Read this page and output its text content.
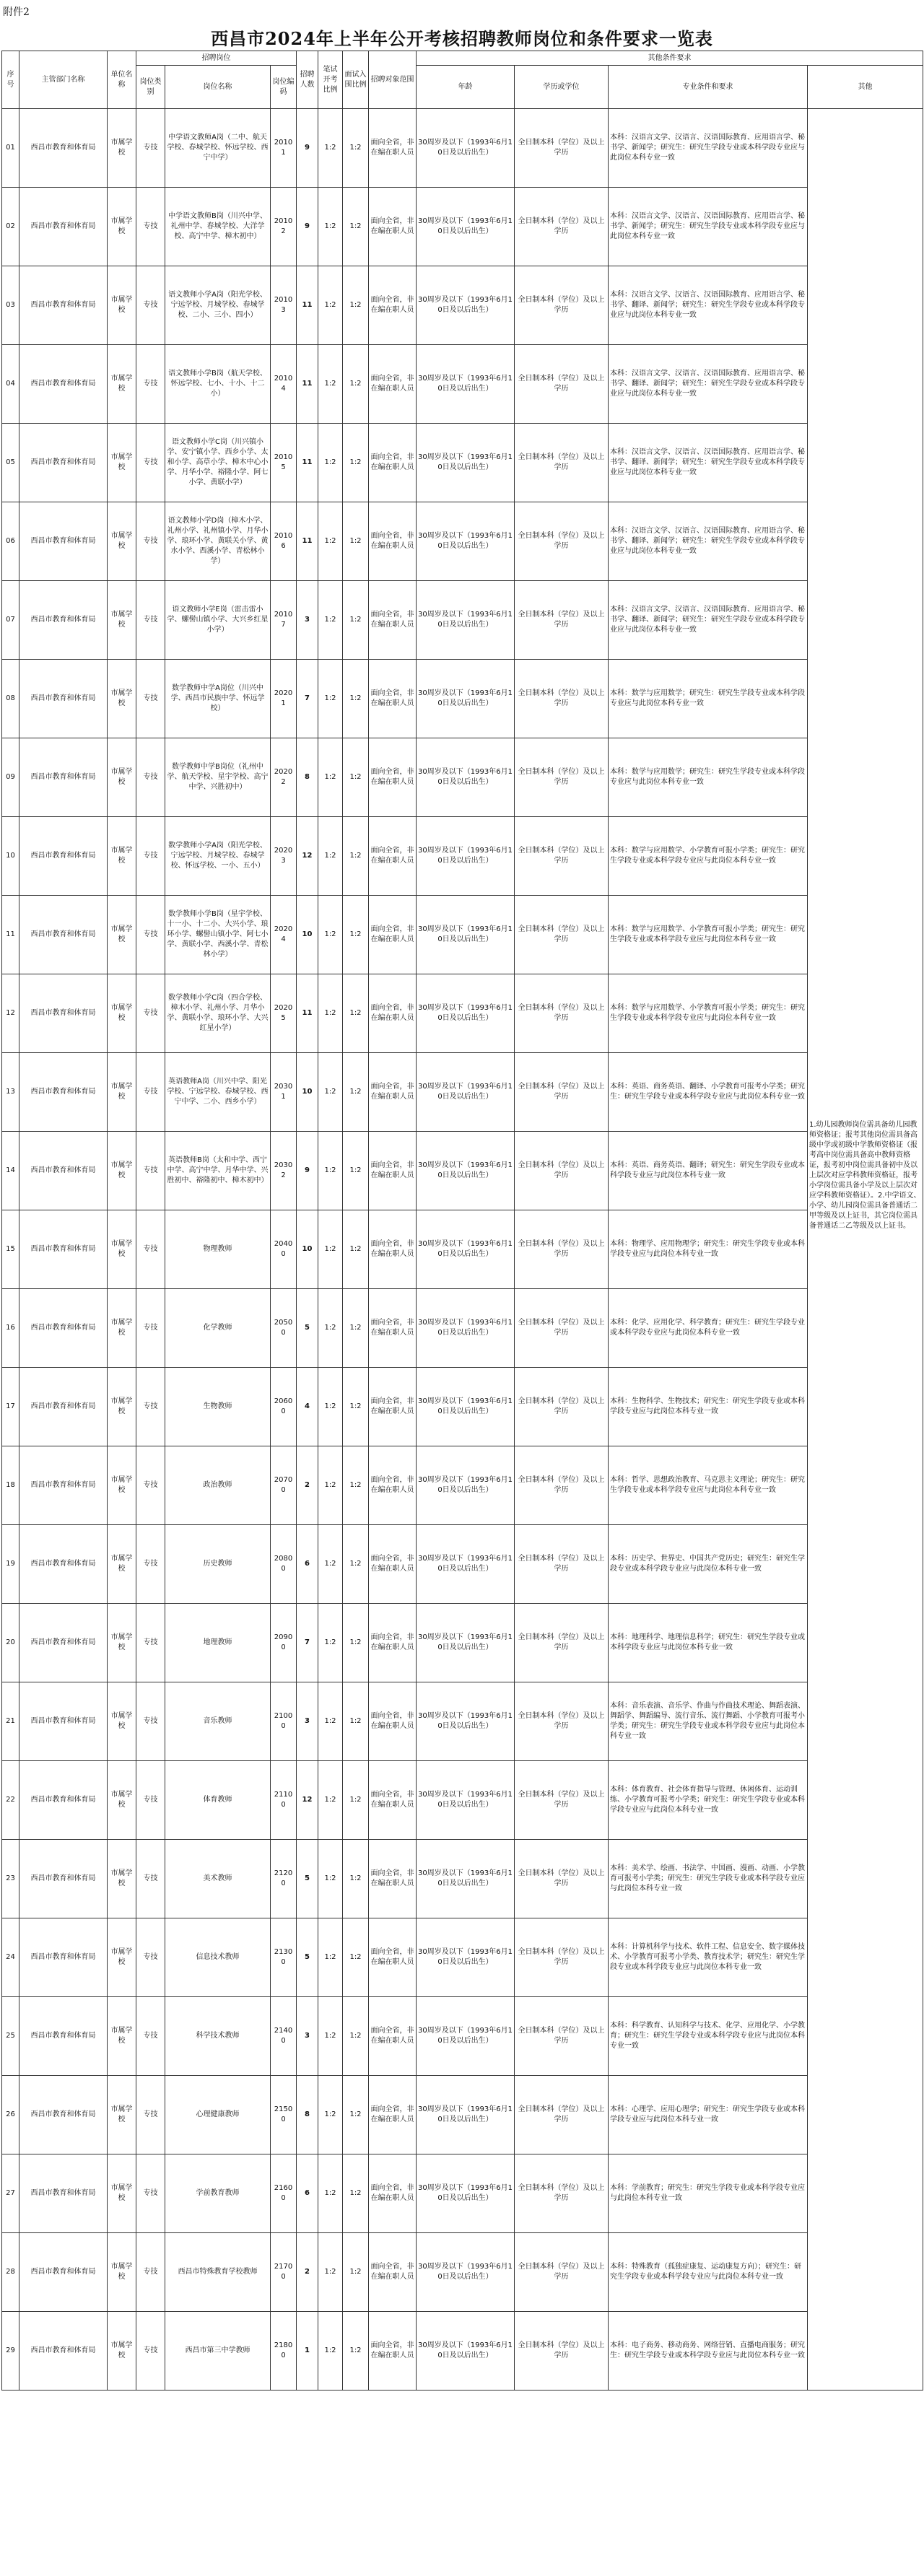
附件2
西昌市2024年上半年公开考核招聘教师岗位和条件要求一览表
序号	主管部门名称	单位名称	招聘岗位			招聘人数	笔试开考比例	面试入围比例	招聘对象范围	其他条件要求			
			岗位类别	岗位名称	岗位编码					年龄	学历或学位	专业条件和要求	其他
01	西昌市教育和体育局	市属学校	专技	中学语文教师A岗（二中、航天学校、春城学校、怀远学校、西宁中学）	20101	9	1:2	1:2	面向全省，非在编在职人员	30周岁及以下（1993年6月10日及以后出生）	全日制本科（学位）及以上学历	本科：汉语言文学、汉语言、汉语国际教育、应用语言学、秘书学、新闻学；研究生：研究生学段专业或本科学段专业应与此岗位本科专业一致	1.幼儿园教师岗位需具备幼儿园教师资格证；报考其他岗位需具备高级中学或初级中学教师资格证（报考高中岗位需具备高中教师资格证，报考初中岗位需具备初中及以上层次对应学科教师资格证，报考小学岗位需具备小学及以上层次对应学科教师资格证）。2.中学语文、小学、幼儿园岗位需具备普通话二甲等级及以上证书，其它岗位需具备普通话二乙等级及以上证书。

02	西昌市教育和体育局	市属学校	专技	中学语文教师B岗（川兴中学、礼州中学、春城学校、大洋学校、高宁中学、樟木初中）	20102	9	1:2	1:2	面向全省，非在编在职人员	30周岁及以下（1993年6月10日及以后出生）	全日制本科（学位）及以上学历	本科：汉语言文学、汉语言、汉语国际教育、应用语言学、秘书学、新闻学；研究生：研究生学段专业或本科学段专业应与此岗位本科专业一致	
03	西昌市教育和体育局	市属学校	专技	语文教师小学A岗（阳光学校、宁远学校、月城学校、春城学校、二小、三小、四小）	20103	11	1:2	1:2	面向全省，非在编在职人员	30周岁及以下（1993年6月10日及以后出生）	全日制本科（学位）及以上学历	本科：汉语言文学、汉语言、汉语国际教育、应用语言学、秘书学、翻译、新闻学；研究生：研究生学段专业或本科学段专业应与此岗位本科专业一致	
04	西昌市教育和体育局	市属学校	专技	语文教师小学B岗（航天学校、怀远学校、七小、十小、十二小）	20104	11	1:2	1:2	面向全省，非在编在职人员	30周岁及以下（1993年6月10日及以后出生）	全日制本科（学位）及以上学历	本科：汉语言文学、汉语言、汉语国际教育、应用语言学、秘书学、翻译、新闻学；研究生：研究生学段专业或本科学段专业应与此岗位本科专业一致	
05	西昌市教育和体育局	市属学校	专技	语文教师小学C岗（川兴镇小学、安宁镇小学、西乡小学、太和小学、高草小学、樟木中心小学、月华小学、裕隆小学、阿七小学、黄联小学）	20105	11	1:2	1:2	面向全省，非在编在职人员	30周岁及以下（1993年6月10日及以后出生）	全日制本科（学位）及以上学历	本科：汉语言文学、汉语言、汉语国际教育、应用语言学、秘书学、翻译、新闻学；研究生：研究生学段专业或本科学段专业应与此岗位本科专业一致	
06	西昌市教育和体育局	市属学校	专技	语文教师小学D岗（樟木小学、礼州小学、礼州镇小学、月华小学、琅环小学、黄联关小学、黄水小学、西溪小学、青松林小学）	20106	11	1:2	1:2	面向全省，非在编在职人员	30周岁及以下（1993年6月10日及以后出生）	全日制本科（学位）及以上学历	本科：汉语言文学、汉语言、汉语国际教育、应用语言学、秘书学、翻译、新闻学；研究生：研究生学段专业或本科学段专业应与此岗位本科专业一致	
07	西昌市教育和体育局	市属学校	专技	语文教师小学E岗（雷击雷小学、螺髻山镇小学、大兴乡红星小学）	20107	3	1:2	1:2	面向全省，非在编在职人员	30周岁及以下（1993年6月10日及以后出生）	全日制本科（学位）及以上学历	本科：汉语言文学、汉语言、汉语国际教育、应用语言学、秘书学、翻译、新闻学；研究生：研究生学段专业或本科学段专业应与此岗位本科专业一致	
08	西昌市教育和体育局	市属学校	专技	数学教师中学A岗位（川兴中学、西昌市民族中学、怀远学校）	20201	7	1:2	1:2	面向全省，非在编在职人员	30周岁及以下（1993年6月10日及以后出生）	全日制本科（学位）及以上学历	本科：数学与应用数学；研究生：研究生学段专业或本科学段专业应与此岗位本科专业一致	
09	西昌市教育和体育局	市属学校	专技	数学教师中学B岗位（礼州中学、航天学校、星宇学校、高宁中学、兴胜初中）	20202	8	1:2	1:2	面向全省，非在编在职人员	30周岁及以下（1993年6月10日及以后出生）	全日制本科（学位）及以上学历	本科：数学与应用数学；研究生：研究生学段专业或本科学段专业应与此岗位本科专业一致	
10	西昌市教育和体育局	市属学校	专技	数学教师小学A岗（阳光学校、宁远学校、月城学校、春城学校、怀远学校、一小、五小）	20203	12	1:2	1:2	面向全省，非在编在职人员	30周岁及以下（1993年6月10日及以后出生）	全日制本科（学位）及以上学历	本科：数学与应用数学、小学教育可报小学类；研究生：研究生学段专业或本科学段专业应与此岗位本科专业一致	
11	西昌市教育和体育局	市属学校	专技	数学教师小学B岗（星宇学校、十一小、十二小、大兴小学、琅环小学、螺髻山镇小学、阿七小学、黄联小学、西溪小学、青松林小学）	20204	10	1:2	1:2	面向全省，非在编在职人员	30周岁及以下（1993年6月10日及以后出生）	全日制本科（学位）及以上学历	本科：数学与应用数学、小学教育可报小学类；研究生：研究生学段专业或本科学段专业应与此岗位本科专业一致	
12	西昌市教育和体育局	市属学校	专技	数学教师小学C岗（四合学校、樟木小学、礼州小学、月华小学、黄联小学、琅环小学、大兴红星小学）	20205	11	1:2	1:2	面向全省，非在编在职人员	30周岁及以下（1993年6月10日及以后出生）	全日制本科（学位）及以上学历	本科：数学与应用数学、小学教育可报小学类；研究生：研究生学段专业或本科学段专业应与此岗位本科专业一致	
13	西昌市教育和体育局	市属学校	专技	英语教师A岗（川兴中学、阳光学校、宁远学校、春城学校、西宁中学、二小、西乡小学）	20301	10	1:2	1:2	面向全省，非在编在职人员	30周岁及以下（1993年6月10日及以后出生）	全日制本科（学位）及以上学历	本科：英语、商务英语、翻译、小学教育可报考小学类；研究生：研究生学段专业或本科学段专业应与此岗位本科专业一致	
14	西昌市教育和体育局	市属学校	专技	英语教师B岗（太和中学、西宁中学、高宁中学、月华中学、兴胜初中、裕隆初中、樟木初中）	20302	9	1:2	1:2	面向全省，非在编在职人员	30周岁及以下（1993年6月10日及以后出生）	全日制本科（学位）及以上学历	本科：英语、商务英语、翻译；研究生：研究生学段专业或本科学段专业应与此岗位本科专业一致	
15	西昌市教育和体育局	市属学校	专技	物理教师	20400	10	1:2	1:2	面向全省，非在编在职人员	30周岁及以下（1993年6月10日及以后出生）	全日制本科（学位）及以上学历	本科：物理学、应用物理学；研究生：研究生学段专业或本科学段专业应与此岗位本科专业一致	
16	西昌市教育和体育局	市属学校	专技	化学教师	20500	5	1:2	1:2	面向全省，非在编在职人员	30周岁及以下（1993年6月10日及以后出生）	全日制本科（学位）及以上学历	本科：化学、应用化学、科学教育；研究生：研究生学段专业或本科学段专业应与此岗位本科专业一致	
17	西昌市教育和体育局	市属学校	专技	生物教师	20600	4	1:2	1:2	面向全省，非在编在职人员	30周岁及以下（1993年6月10日及以后出生）	全日制本科（学位）及以上学历	本科：生物科学、生物技术；研究生：研究生学段专业或本科学段专业应与此岗位本科专业一致	
18	西昌市教育和体育局	市属学校	专技	政治教师	20700	2	1:2	1:2	面向全省，非在编在职人员	30周岁及以下（1993年6月10日及以后出生）	全日制本科（学位）及以上学历	本科：哲学、思想政治教育、马克思主义理论；研究生：研究生学段专业或本科学段专业应与此岗位本科专业一致	
19	西昌市教育和体育局	市属学校	专技	历史教师	20800	6	1:2	1:2	面向全省，非在编在职人员	30周岁及以下（1993年6月10日及以后出生）	全日制本科（学位）及以上学历	本科：历史学、世界史、中国共产党历史；研究生：研究生学段专业或本科学段专业应与此岗位本科专业一致	
20	西昌市教育和体育局	市属学校	专技	地理教师	20900	7	1:2	1:2	面向全省，非在编在职人员	30周岁及以下（1993年6月10日及以后出生）	全日制本科（学位）及以上学历	本科：地理科学、地理信息科学；研究生：研究生学段专业或本科学段专业应与此岗位本科专业一致	
21	西昌市教育和体育局	市属学校	专技	音乐教师	21000	3	1:2	1:2	面向全省，非在编在职人员	30周岁及以下（1993年6月10日及以后出生）	全日制本科（学位）及以上学历	本科：音乐表演、音乐学、作曲与作曲技术理论、舞蹈表演、舞蹈学、舞蹈编导、流行音乐、流行舞蹈、小学教育可报考小学类；研究生：研究生学段专业或本科学段专业应与此岗位本科专业一致	
22	西昌市教育和体育局	市属学校	专技	体育教师	21100	12	1:2	1:2	面向全省，非在编在职人员	30周岁及以下（1993年6月10日及以后出生）	全日制本科（学位）及以上学历	本科：体育教育、社会体育指导与管理、休闲体育、运动训练、小学教育可报考小学类；研究生：研究生学段专业或本科学段专业应与此岗位本科专业一致	
23	西昌市教育和体育局	市属学校	专技	美术教师	21200	5	1:2	1:2	面向全省，非在编在职人员	30周岁及以下（1993年6月10日及以后出生）	全日制本科（学位）及以上学历	本科：美术学、绘画、书法学、中国画、漫画、动画、小学教育可报考小学类；研究生：研究生学段专业或本科学段专业应与此岗位本科专业一致	
24	西昌市教育和体育局	市属学校	专技	信息技术教师	21300	5	1:2	1:2	面向全省，非在编在职人员	30周岁及以下（1993年6月10日及以后出生）	全日制本科（学位）及以上学历	本科：计算机科学与技术、软件工程、信息安全、数字媒体技术、小学教育可报考小学类、教育技术学；研究生：研究生学段专业或本科学段专业应与此岗位本科专业一致	
25	西昌市教育和体育局	市属学校	专技	科学技术教师	21400	3	1:2	1:2	面向全省，非在编在职人员	30周岁及以下（1993年6月10日及以后出生）	全日制本科（学位）及以上学历	本科：科学教育、认知科学与技术、化学、应用化学、小学教育；研究生：研究生学段专业或本科学段专业应与此岗位本科专业一致	
26	西昌市教育和体育局	市属学校	专技	心理健康教师	21500	8	1:2	1:2	面向全省，非在编在职人员	30周岁及以下（1993年6月10日及以后出生）	全日制本科（学位）及以上学历	本科：心理学、应用心理学；研究生：研究生学段专业或本科学段专业应与此岗位本科专业一致	
27	西昌市教育和体育局	市属学校	专技	学前教育教师	21600	6	1:2	1:2	面向全省，非在编在职人员	30周岁及以下（1993年6月10日及以后出生）	全日制本科（学位）及以上学历	本科：学前教育；研究生：研究生学段专业或本科学段专业应与此岗位本科专业一致	
28	西昌市教育和体育局	市属学校	专技	西昌市特殊教育学校教师	21700	2	1:2	1:2	面向全省，非在编在职人员	30周岁及以下（1993年6月10日及以后出生）	全日制本科（学位）及以上学历	本科：特殊教育（孤独症康复、运动康复方向）；研究生：研究生学段专业或本科学段专业应与此岗位本科专业一致	
29	西昌市教育和体育局	市属学校	专技	西昌市第三中学教师	21800	1	1:2	1:2	面向全省，非在编在职人员	30周岁及以下（1993年6月10日及以后出生）	全日制本科（学位）及以上学历	本科：电子商务、移动商务、网络营销、直播电商服务；研究生：研究生学段专业或本科学段专业应与此岗位本科专业一致	
